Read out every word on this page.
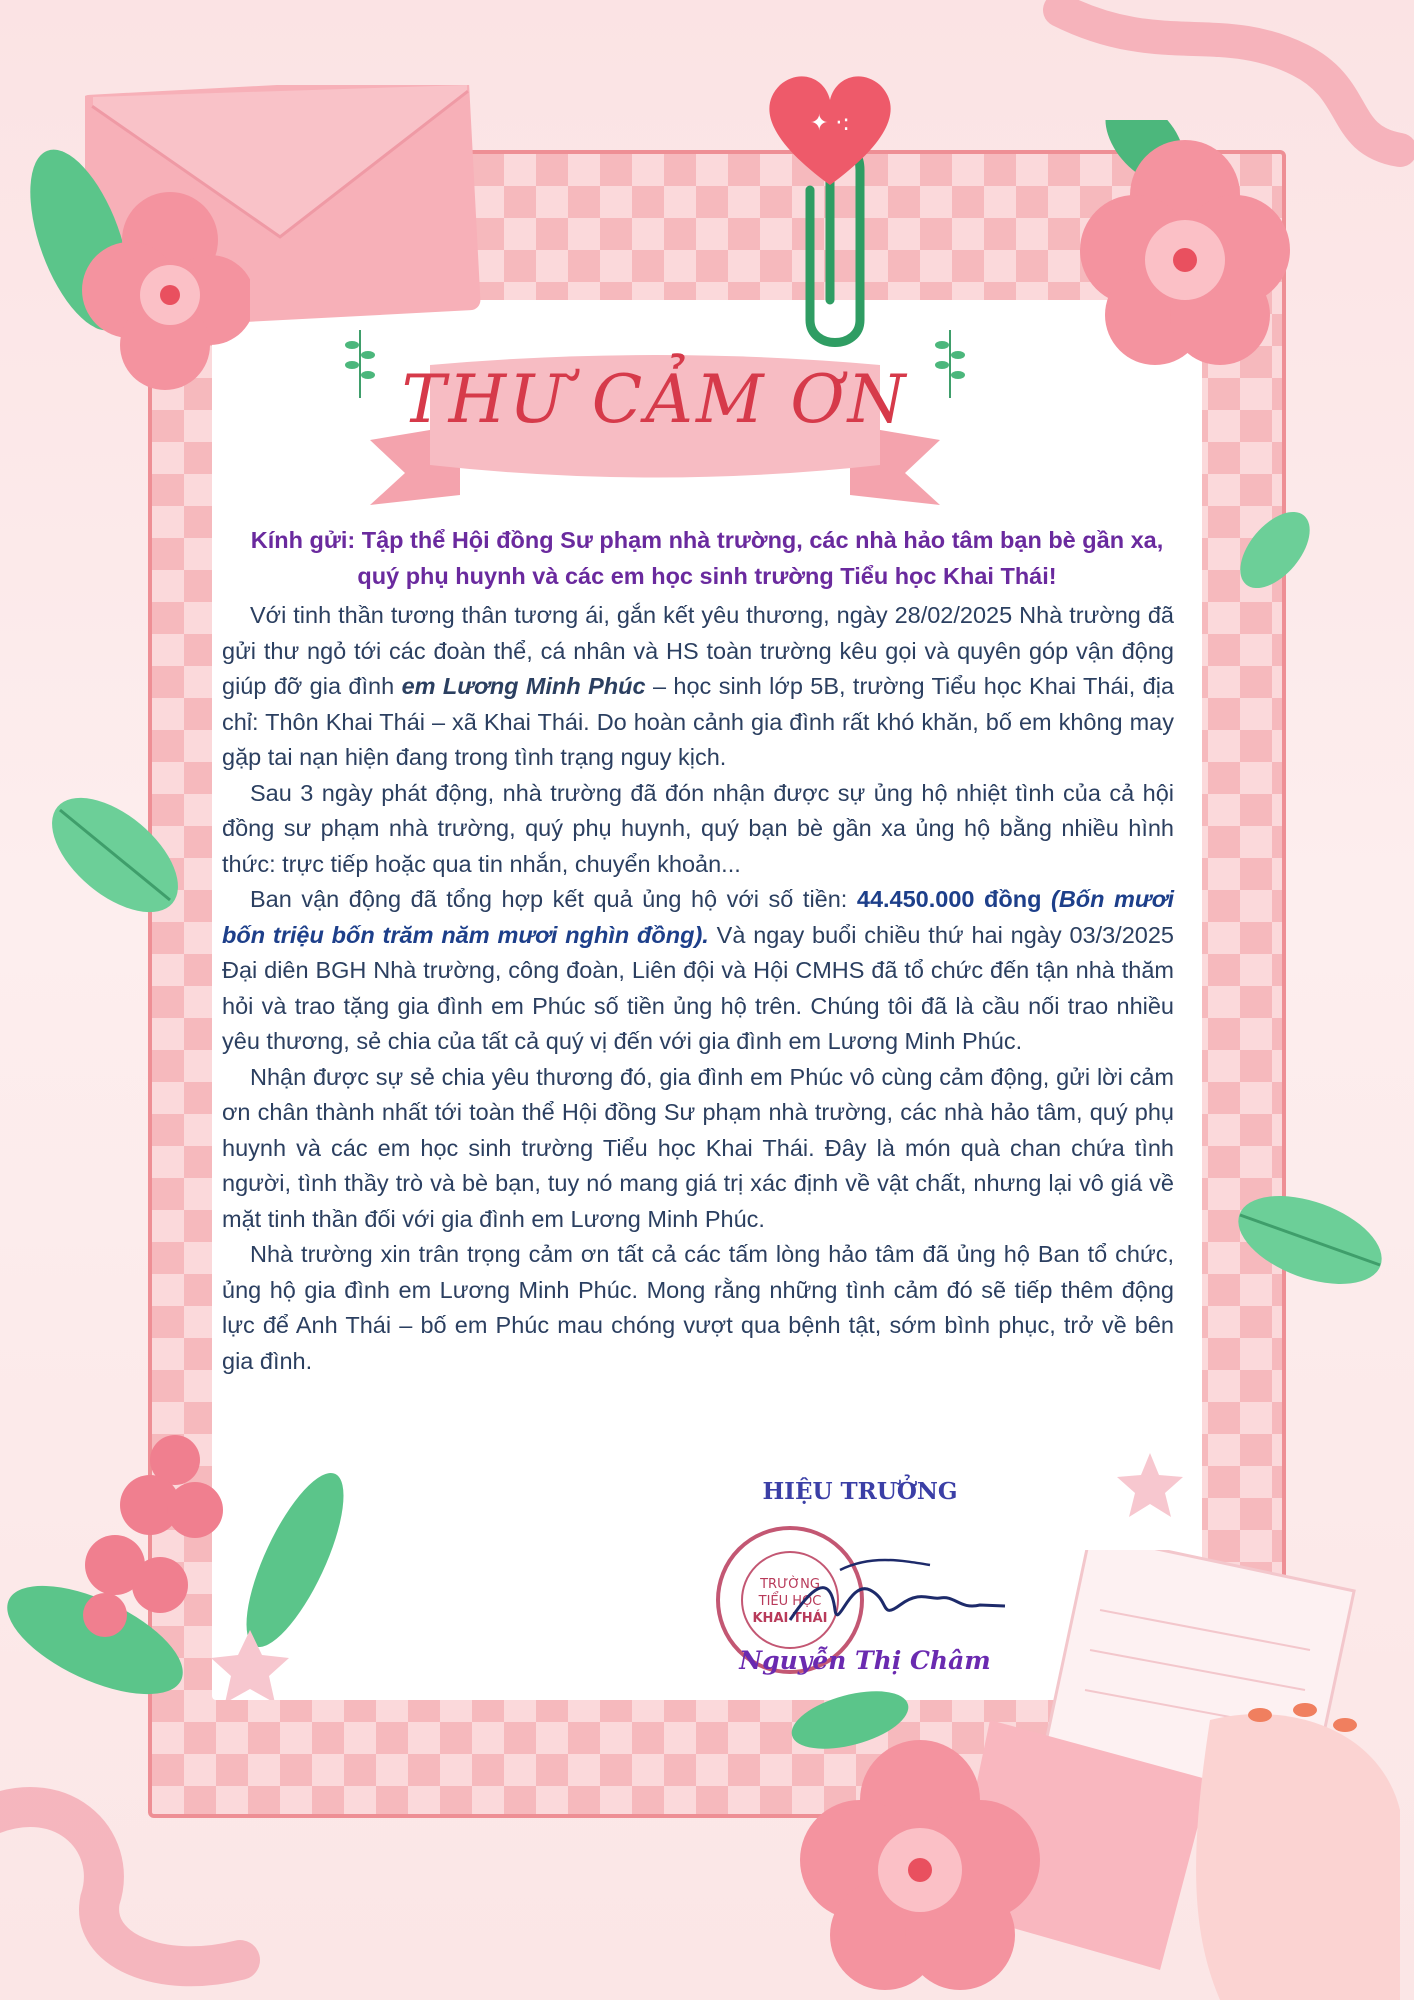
✦ ·:
THƯ CẢM ƠN

Kính gửi: Tập thể Hội đồng Sư phạm nhà trường, các nhà hảo tâm bạn bè gần xa,
quý phụ huynh và các em học sinh trường Tiểu học Khai Thái!

Với tinh thần tương thân tương ái, gắn kết yêu thương, ngày 28/02/2025 Nhà trường đã gửi thư ngỏ tới các đoàn thể, cá nhân và HS toàn trường kêu gọi và quyên góp vận động giúp đỡ gia đình em Lương Minh Phúc – học sinh lớp 5B, trường Tiểu học Khai Thái, địa chỉ: Thôn Khai Thái – xã Khai Thái. Do hoàn cảnh gia đình rất khó khăn, bố em không may gặp tai nạn hiện đang trong tình trạng nguy kịch.

Sau 3 ngày phát động, nhà trường đã đón nhận được sự ủng hộ nhiệt tình của cả hội đồng sư phạm nhà trường, quý phụ huynh, quý bạn bè gần xa ủng hộ bằng nhiều hình thức: trực tiếp hoặc qua tin nhắn, chuyển khoản...

Ban vận động đã tổng hợp kết quả ủng hộ với số tiền: 44.450.000 đồng (Bốn mươi bốn triệu bốn trăm năm mươi nghìn đồng). Và ngay buổi chiều thứ hai ngày 03/3/2025 Đại diên BGH Nhà trường, công đoàn, Liên đội và Hội CMHS đã tổ chức đến tận nhà thăm hỏi và trao tặng gia đình em Phúc số tiền ủng hộ trên. Chúng tôi đã là cầu nối trao nhiều yêu thương, sẻ chia của tất cả quý vị đến với gia đình em Lương Minh Phúc.

Nhận được sự sẻ chia yêu thương đó, gia đình em Phúc vô cùng cảm động, gửi lời cảm ơn chân thành nhất tới toàn thể Hội đồng Sư phạm nhà trường, các nhà hảo tâm, quý phụ huynh và các em học sinh trường Tiểu học Khai Thái. Đây là món quà chan chứa tình người, tình thầy trò và bè bạn, tuy nó mang giá trị xác định về vật chất, nhưng lại vô giá về mặt tinh thần đối với gia đình em Lương Minh Phúc.

Nhà trường xin trân trọng cảm ơn tất cả các tấm lòng hảo tâm đã ủng hộ Ban tổ chức, ủng hộ gia đình em Lương Minh Phúc. Mong rằng những tình cảm đó sẽ tiếp thêm động lực để Anh Thái – bố em Phúc mau chóng vượt qua bệnh tật, sớm bình phục, trở về bên gia đình.

HIỆU TRƯỞNG
TRƯỜNG
TIỂU HỌC
KHAI THÁI
Nguyễn Thị Châm
